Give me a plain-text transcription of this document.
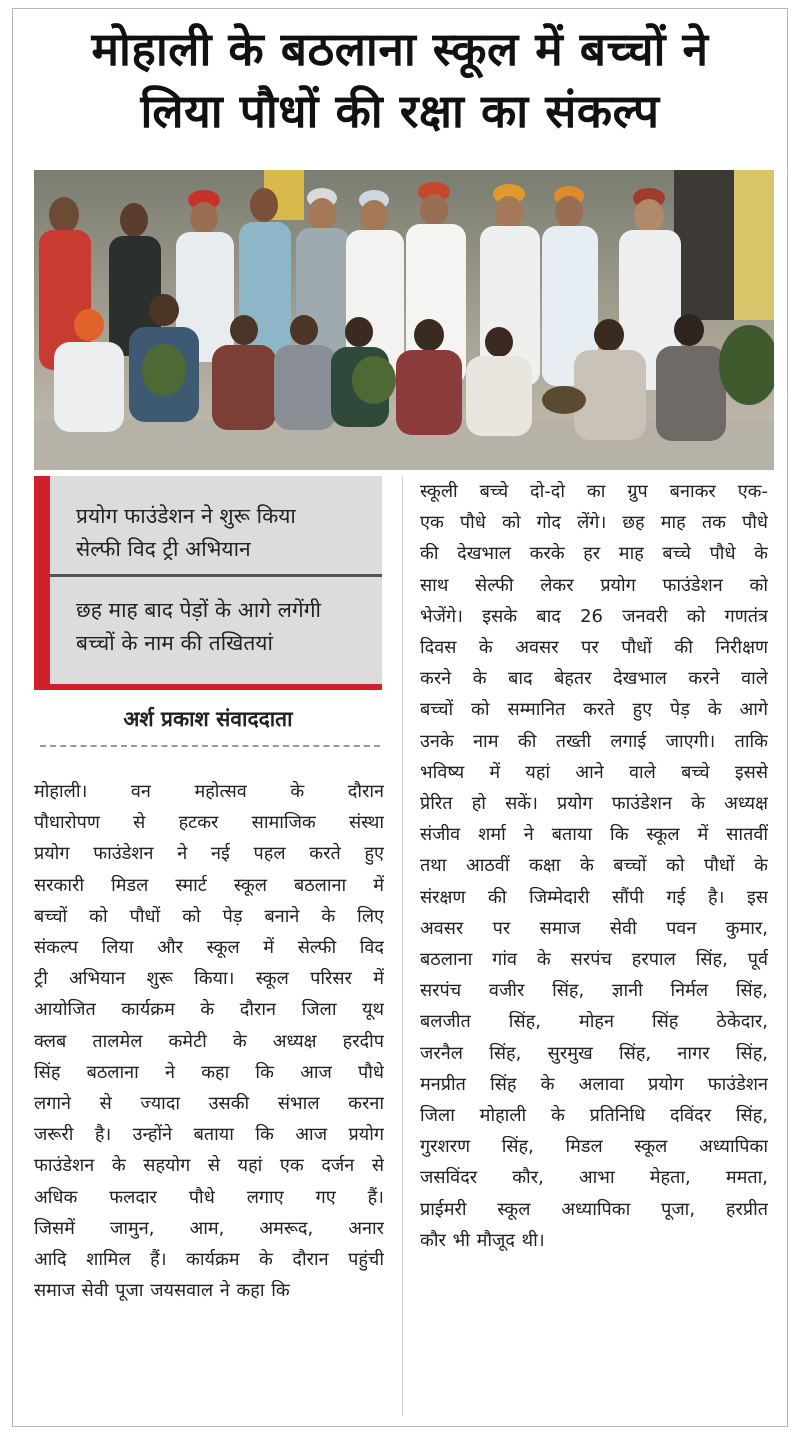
मोहाली के बठलाना स्कूल में बच्चों ने
लिया पौधों की रक्षा का संकल्प
प्रयोग फाउंडेशन ने शुरू किया
सेल्फी विद ट्री अभियान
छह माह बाद पेड़ों के आगे लगेंगी
बच्चों के नाम की तखितयां
अर्श प्रकाश संवाददाता
मोहाली। वन महोत्सव के दौरान
पौधारोपण से हटकर सामाजिक संस्था
प्रयोग फाउंडेशन ने नई पहल करते हुए
सरकारी मिडल स्मार्ट स्कूल बठलाना में
बच्चों को पौधों को पेड़ बनाने के लिए
संकल्प लिया और स्कूल में सेल्फी विद
ट्री अभियान शुरू किया। स्कूल परिसर में
आयोजित कार्यक्रम के दौरान जिला यूथ
क्लब तालमेल कमेटी के अध्यक्ष हरदीप
सिंह बठलाना ने कहा कि आज पौधे
लगाने से ज्यादा उसकी संभाल करना
जरूरी है। उन्होंने बताया कि आज प्रयोग
फाउंडेशन के सहयोग से यहां एक दर्जन से
अधिक फलदार पौधे लगाए गए हैं।
जिसमें जामुन, आम, अमरूद, अनार
आदि शामिल हैं। कार्यक्रम के दौरान पहुंची
समाज सेवी पूजा जयसवाल ने कहा कि
स्कूली बच्चे दो-दो का ग्रुप बनाकर एक-
एक पौधे को गोद लेंगे। छह माह तक पौधे
की देखभाल करके हर माह बच्चे पौधे के
साथ सेल्फी लेकर प्रयोग फाउंडेशन को
भेजेंगे। इसके बाद 26 जनवरी को गणतंत्र
दिवस के अवसर पर पौधों की निरीक्षण
करने के बाद बेहतर देखभाल करने वाले
बच्चों को सम्मानित करते हुए पेड़ के आगे
उनके नाम की तख्ती लगाई जाएगी। ताकि
भविष्य में यहां आने वाले बच्चे इससे
प्रेरित हो सकें। प्रयोग फाउंडेशन के अध्यक्ष
संजीव शर्मा ने बताया कि स्कूल में सातवीं
तथा आठवीं कक्षा के बच्चों को पौधों के
संरक्षण की जिम्मेदारी सौंपी गई है। इस
अवसर पर समाज सेवी पवन कुमार,
बठलाना गांव के सरपंच हरपाल सिंह, पूर्व
सरपंच वजीर सिंह, ज्ञानी निर्मल सिंह,
बलजीत सिंह, मोहन सिंह ठेकेदार,
जरनैल सिंह, सुरमुख सिंह, नागर सिंह,
मनप्रीत सिंह के अलावा प्रयोग फाउंडेशन
जिला मोहाली के प्रतिनिधि दविंदर सिंह,
गुरशरण सिंह, मिडल स्कूल अध्यापिका
जसविंदर कौर, आभा मेहता, ममता,
प्राईमरी स्कूल अध्यापिका पूजा, हरप्रीत
कौर भी मौजूद थी।
